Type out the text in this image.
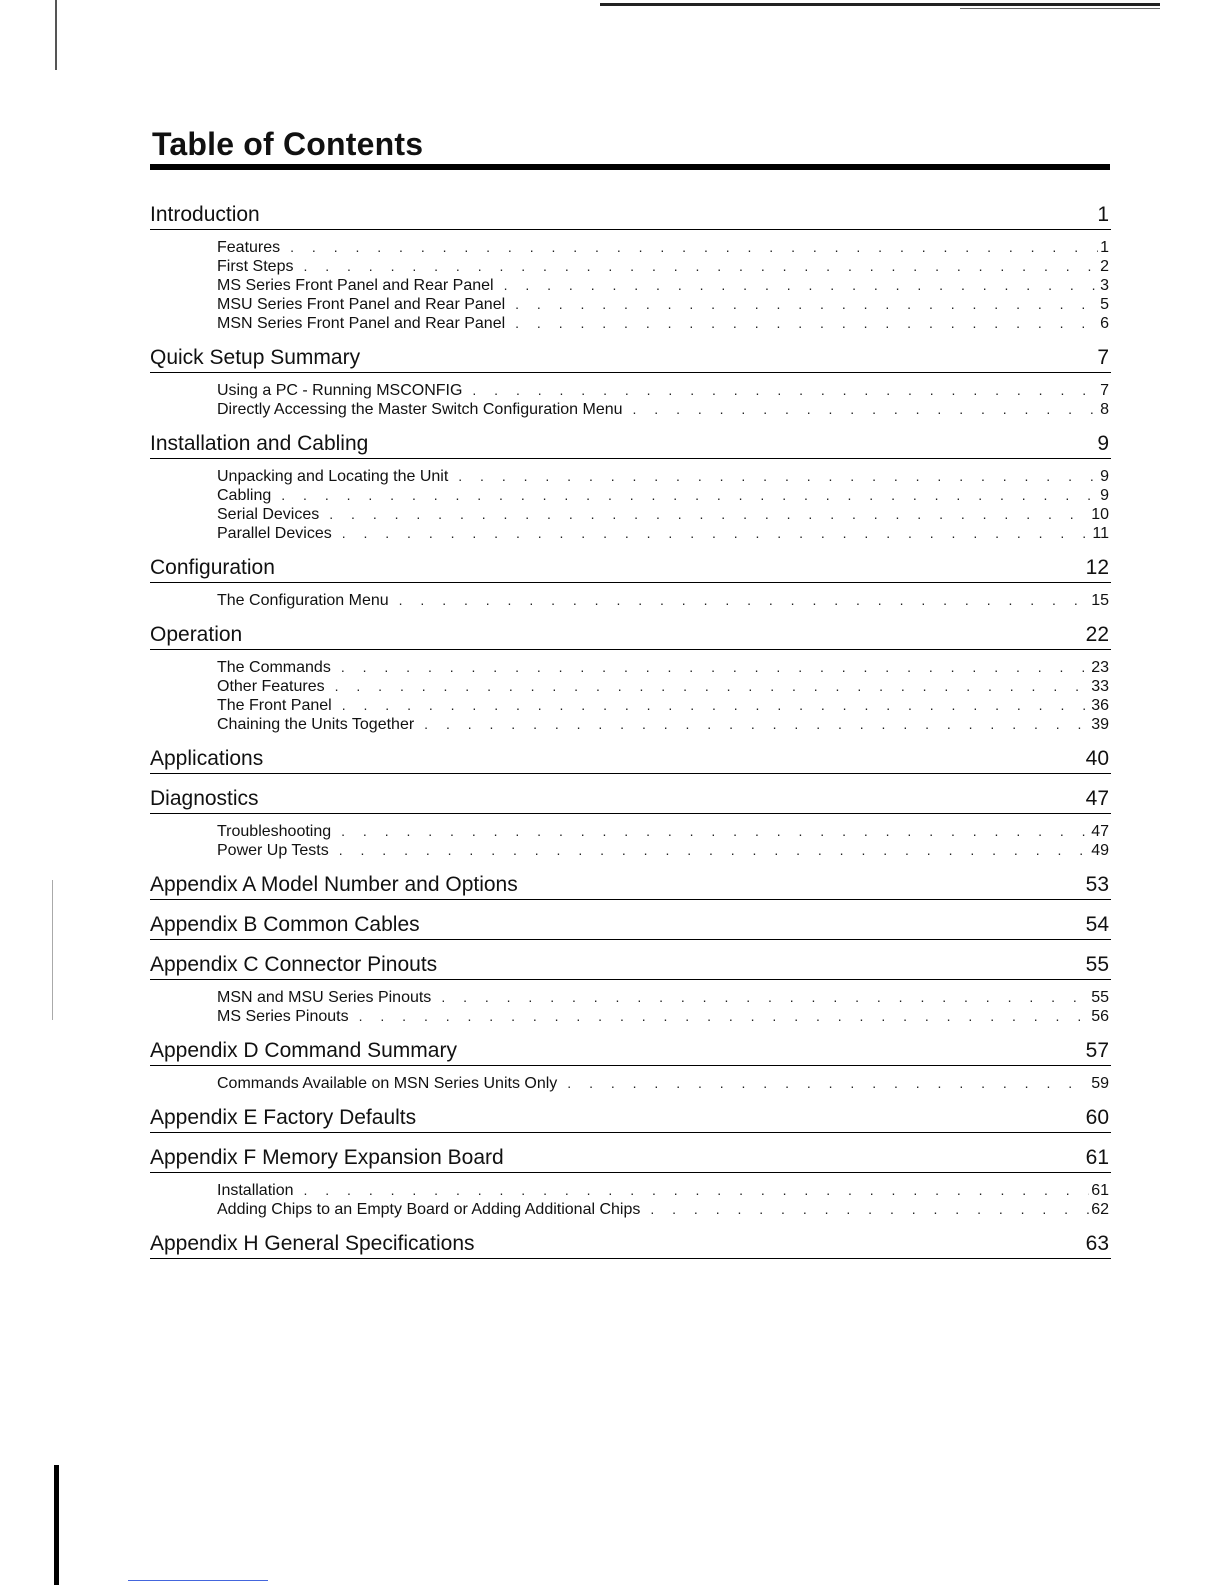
Table of Contents
Introduction	1
Features . . .	1
First Steps . . .	2
MS Series Front Panel and Rear Panel . . .	3
MSU Series Front Panel and Rear Panel . . .	5
MSN Series Front Panel and Rear Panel . . .	6
Quick Setup Summary	7
Using a PC - Running MSCONFIG . . .	7
Directly Accessing the Master Switch Configuration Menu . . .	8
Installation and Cabling	9
Unpacking and Locating the Unit . . .	9
Cabling . . .	9
Serial Devices . . .	10
Parallel Devices . . .	11
Configuration	12
The Configuration Menu . . .	15
Operation	22
The Commands . . .	23
Other Features . . .	33
The Front Panel . . .	36
Chaining the Units Together . . .	39
Applications	40
Diagnostics	47
Troubleshooting . . .	47
Power Up Tests . . .	49
Appendix A Model Number and Options	53
Appendix B Common Cables	54
Appendix C Connector Pinouts	55
MSN and MSU Series Pinouts . . .	55
MS Series Pinouts . . .	56
Appendix D Command Summary	57
Commands Available on MSN Series Units Only . . .	59
Appendix E Factory Defaults	60
Appendix F Memory Expansion Board	61
Installation . . .	61
Adding Chips to an Empty Board or Adding Additional Chips . . .	62
Appendix H General Specifications	63
